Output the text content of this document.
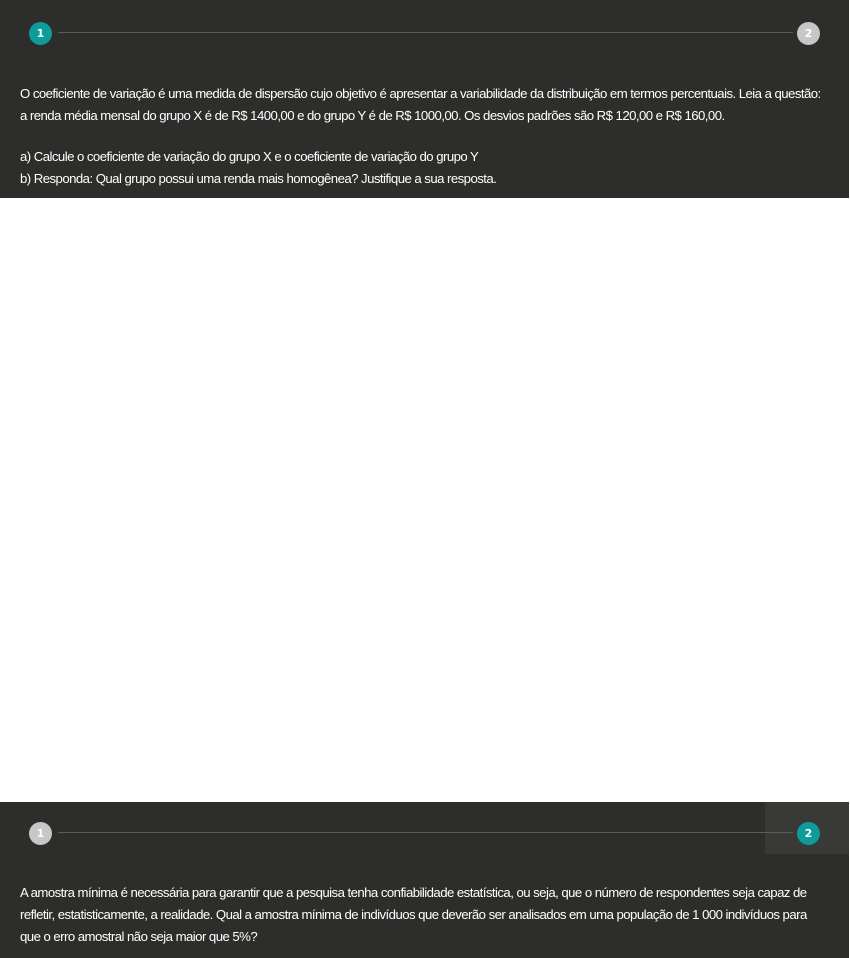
1	2

O coeficiente de variação é uma medida de dispersão cujo objetivo é apresentar a variabilidade da distribuição em termos percentuais. Leia a questão: a renda média mensal do grupo X é de R$ 1400,00 e do grupo Y é de R$ 1000,00. Os desvios padrões são R$ 120,00 e R$ 160,00.

a) Calcule o coeficiente de variação do grupo X e o coeficiente de variação do grupo Y

b) Responda: Qual grupo possui uma renda mais homogênea? Justifique a sua resposta.

1	2

A amostra mínima é necessária para garantir que a pesquisa tenha confiabilidade estatística, ou seja, que o número de respondentes seja capaz de refletir, estatisticamente, a realidade. Qual a amostra mínima de indivíduos que deverão ser analisados em uma população de 1 000 indivíduos para que o erro amostral não seja maior que 5%?
